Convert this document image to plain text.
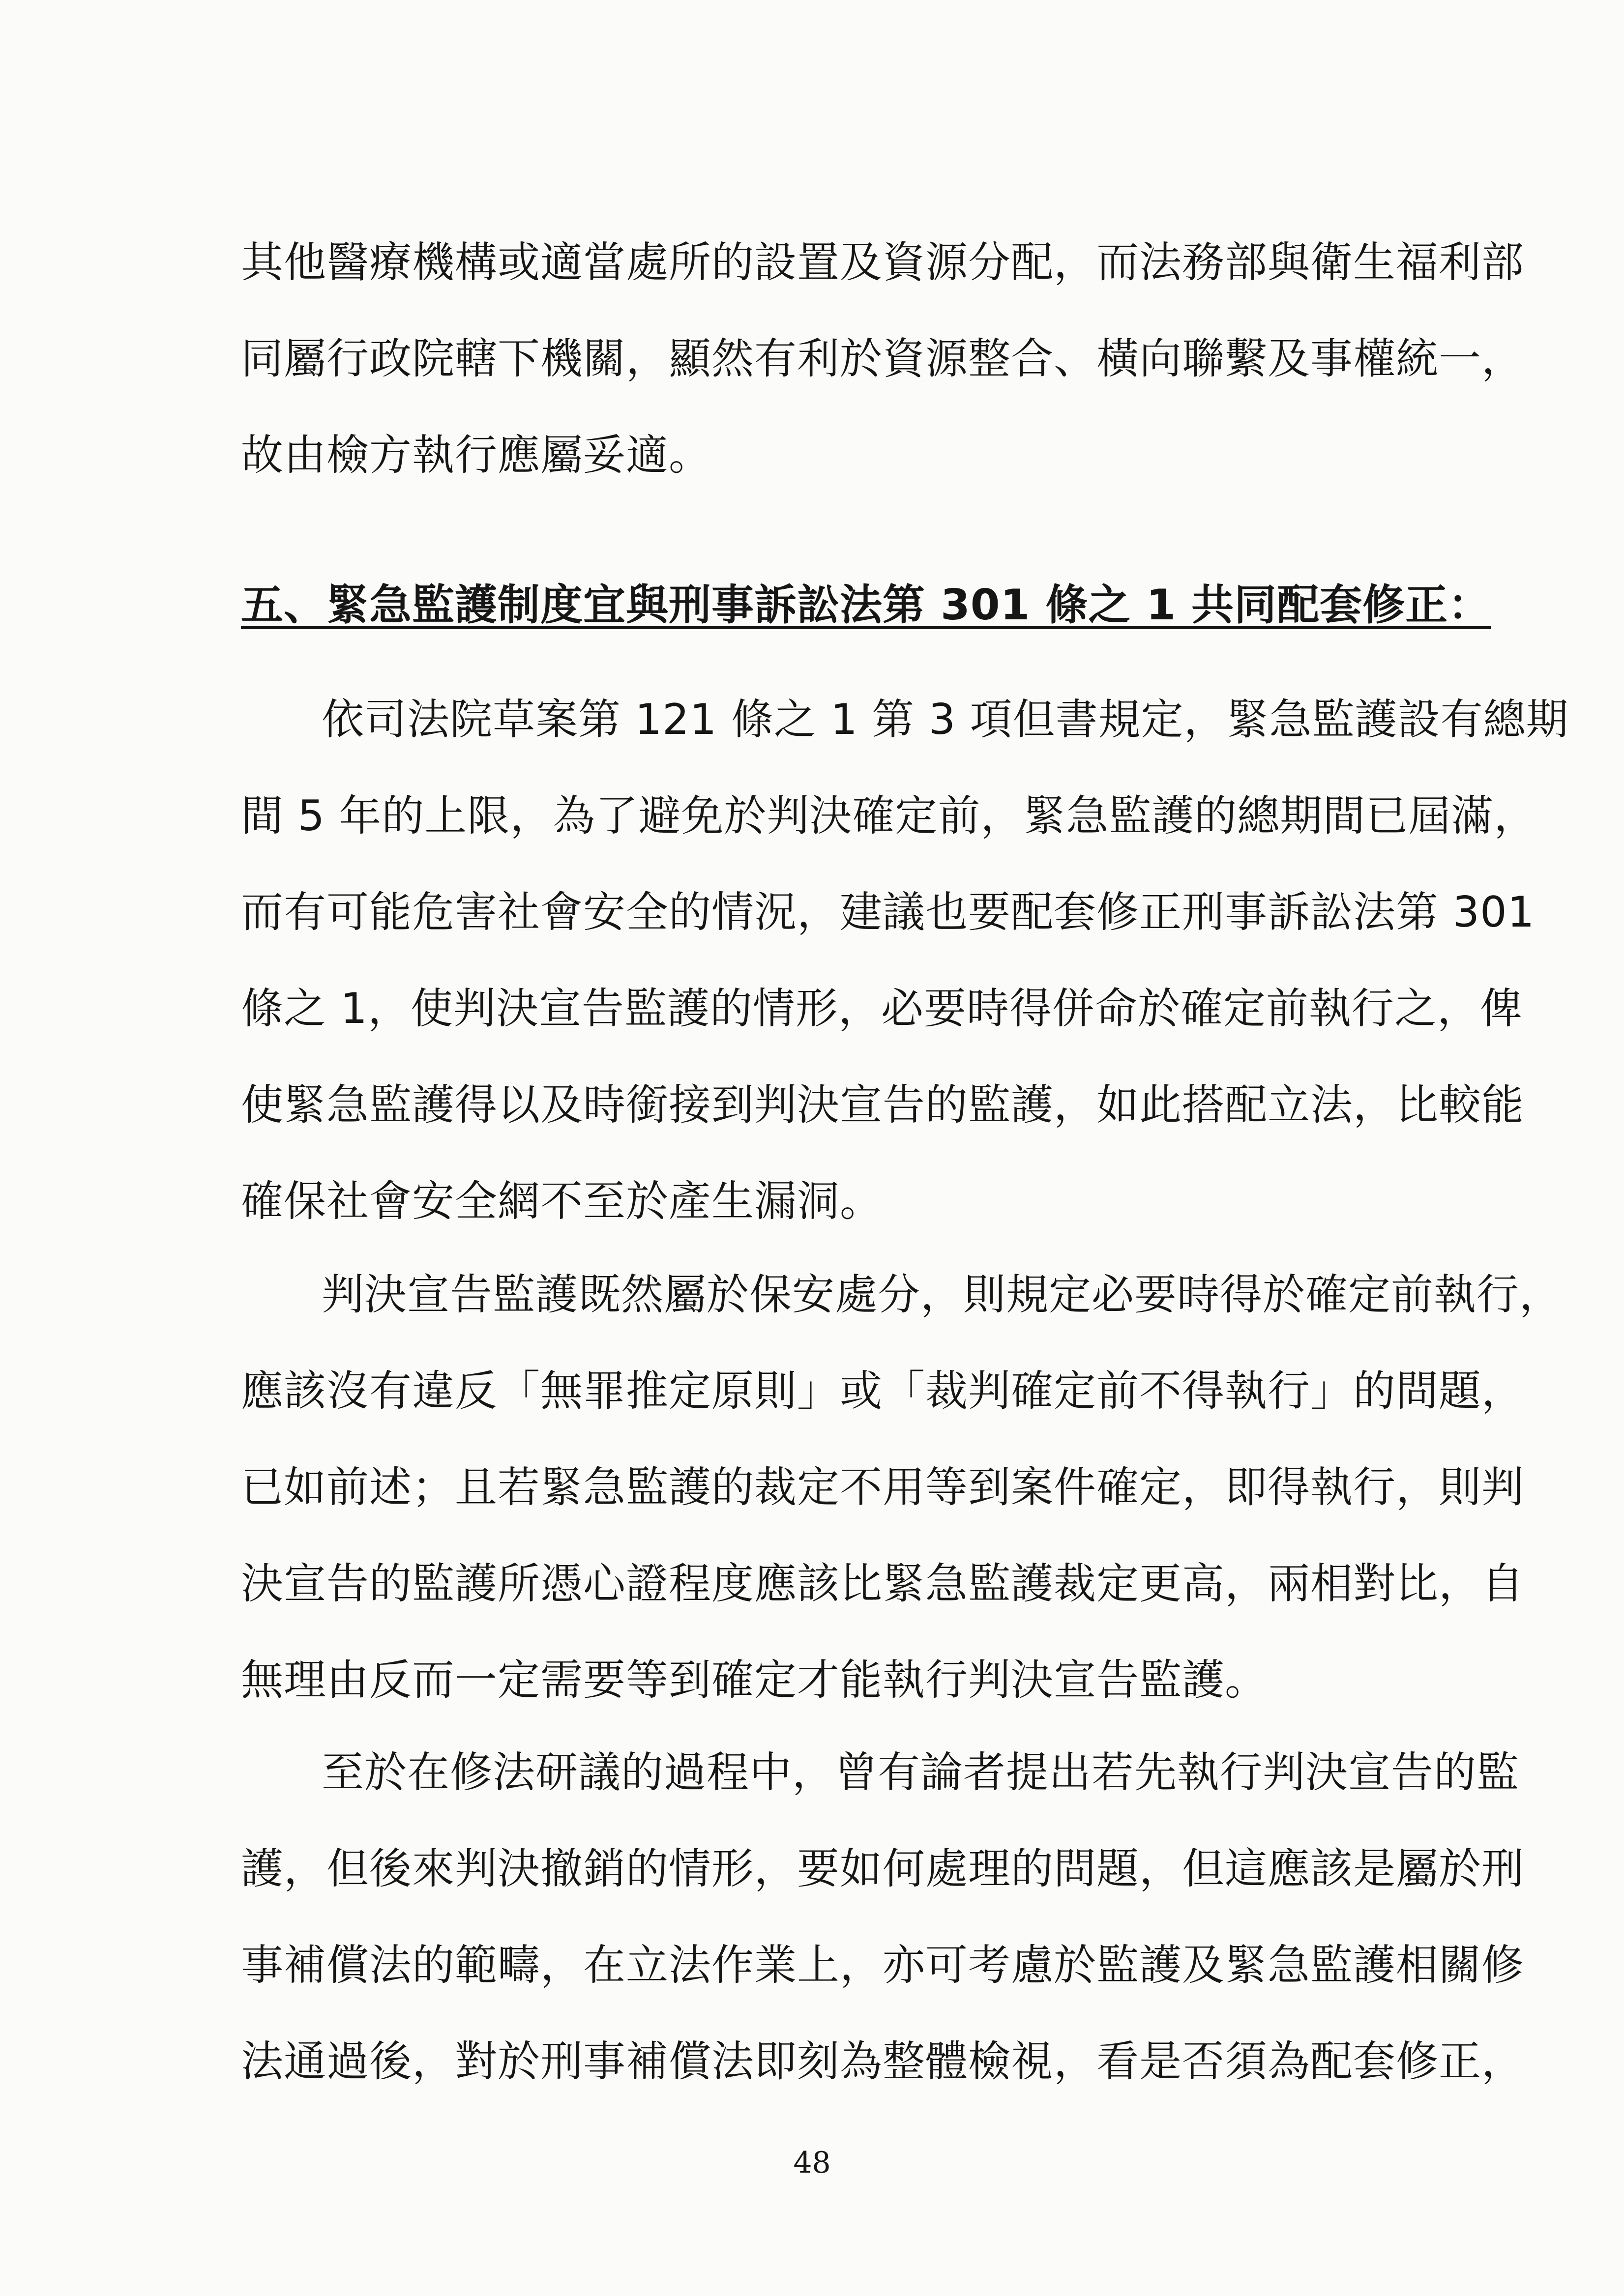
其他醫療機構或適當處所的設置及資源分配，而法務部與衛生福利部
同屬行政院轄下機關，顯然有利於資源整合、橫向聯繫及事權統一，
故由檢方執行應屬妥適。
五、緊急監護制度宜與刑事訴訟法第 301 條之 1 共同配套修正：
依司法院草案第 121 條之 1 第 3 項但書規定，緊急監護設有總期
間 5 年的上限，為了避免於判決確定前，緊急監護的總期間已屆滿，
而有可能危害社會安全的情況，建議也要配套修正刑事訴訟法第 301
條之 1，使判決宣告監護的情形，必要時得併命於確定前執行之，俾
使緊急監護得以及時銜接到判決宣告的監護，如此搭配立法，比較能
確保社會安全網不至於產生漏洞。
判決宣告監護既然屬於保安處分，則規定必要時得於確定前執行，
應該沒有違反「無罪推定原則」或「裁判確定前不得執行」的問題，
已如前述；且若緊急監護的裁定不用等到案件確定，即得執行，則判
決宣告的監護所憑心證程度應該比緊急監護裁定更高，兩相對比，自
無理由反而一定需要等到確定才能執行判決宣告監護。
至於在修法研議的過程中，曾有論者提出若先執行判決宣告的監
護，但後來判決撤銷的情形，要如何處理的問題，但這應該是屬於刑
事補償法的範疇，在立法作業上，亦可考慮於監護及緊急監護相關修
法通過後，對於刑事補償法即刻為整體檢視，看是否須為配套修正，
48
